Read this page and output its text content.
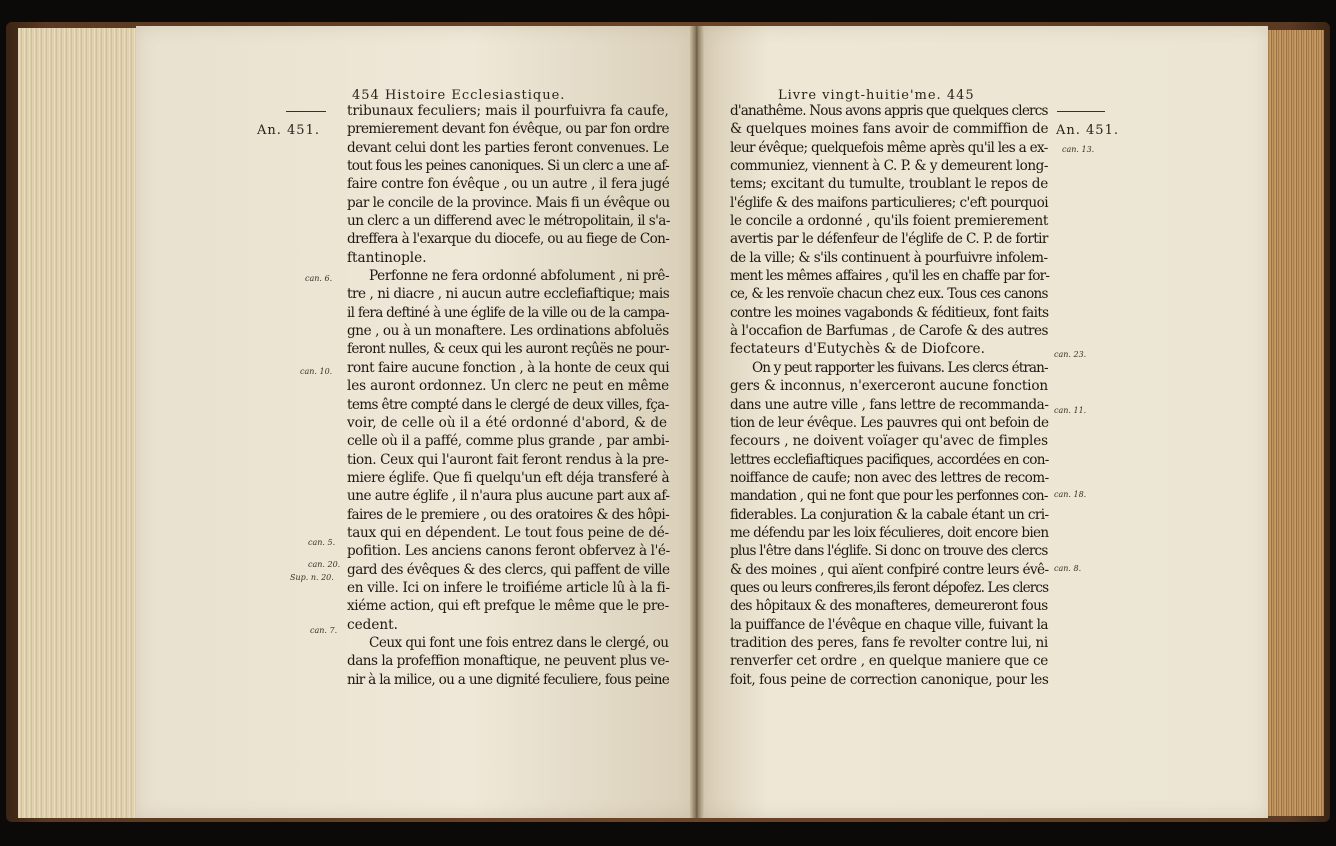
454 Histoire Ecclesiastique.
An. 451.
can. 6.
can. 10.
can. 5.
can. 20.
Sup. n. 20.
can. 7.
tribunaux feculiers; mais il pourfuivra fa caufe,
premierement devant fon évêque, ou par fon ordre
devant celui dont les parties feront convenues. Le
tout fous les peines canoniques. Si un clerc a une af-
faire contre fon évêque , ou un autre , il fera jugé
par le concile de la province. Mais fi un évêque ou
un clerc a un differend avec le métropolitain, il s'a-
dreffera à l'exarque du diocefe, ou au fiege de Con-
ftantinople.
Perfonne ne fera ordonné abfolument , ni prê-
tre , ni diacre , ni aucun autre ecclefiaftique; mais
il fera deftiné à une églife de la ville ou de la campa-
gne , ou à un monaftere. Les ordinations abfoluës
feront nulles, & ceux qui les auront reçûës ne pour-
ront faire aucune fonction , à la honte de ceux qui
les auront ordonnez. Un clerc ne peut en même
tems être compté dans le clergé de deux villes, fça-
voir, de celle où il a été ordonné d'abord, & de
celle où il a paffé, comme plus grande , par ambi-
tion. Ceux qui l'auront fait feront rendus à la pre-
miere églife. Que fi quelqu'un eft déja transferé à
une autre églife , il n'aura plus aucune part aux af-
faires de le premiere , ou des oratoires & des hôpi-
taux qui en dépendent. Le tout fous peine de dé-
pofition. Les anciens canons feront obfervez à l'é-
gard des évêques & des clercs, qui paffent de ville
en ville. Ici on infere le troifiéme article lû à la fi-
xiéme action, qui eft prefque le même que le pre-
cedent.
Ceux qui font une fois entrez dans le clergé, ou
dans la profeffion monaftique, ne peuvent plus ve-
nir à la milice, ou a une dignité feculiere, fous peine
Livre vingt-huitie'me. 445
An. 451.
can. 13.
can. 23.
can. 11.
can. 18.
can. 8.
d'anathême. Nous avons appris que quelques clercs
& quelques moines fans avoir de commiffion de
leur évêque; quelquefois même après qu'il les a ex-
communiez, viennent à C. P. & y demeurent long-
tems; excitant du tumulte, troublant le repos de
l'églife & des maifons particulieres; c'eft pourquoi
le concile a ordonné , qu'ils foient premierement
avertis par le défenfeur de l'églife de C. P. de fortir
de la ville; & s'ils continuent à pourfuivre infolem-
ment les mêmes affaires , qu'il les en chaffe par for-
ce, & les renvoïe chacun chez eux. Tous ces canons
contre les moines vagabonds & féditieux, font faits
à l'occafion de Barfumas , de Carofe & des autres
fectateurs d'Eutychès & de Diofcore.
On y peut rapporter les fuivans. Les clercs étran-
gers & inconnus, n'exerceront aucune fonction
dans une autre ville , fans lettre de recommanda-
tion de leur évêque. Les pauvres qui ont befoin de
fecours , ne doivent voïager qu'avec de fimples
lettres ecclefiaftiques pacifiques, accordées en con-
noiffance de caufe; non avec des lettres de recom-
mandation , qui ne font que pour les perfonnes con-
fiderables. La conjuration & la cabale étant un cri-
me défendu par les loix féculieres, doit encore bien
plus l'être dans l'églife. Si donc on trouve des clercs
& des moines , qui aïent confpiré contre leurs évê-
ques ou leurs confreres,ils feront dépofez. Les clercs
des hôpitaux & des monafteres, demeureront fous
la puiffance de l'évêque en chaque ville, fuivant la
tradition des peres, fans fe revolter contre lui, ni
renverfer cet ordre , en quelque maniere que ce
foit, fous peine de correction canonique, pour les
